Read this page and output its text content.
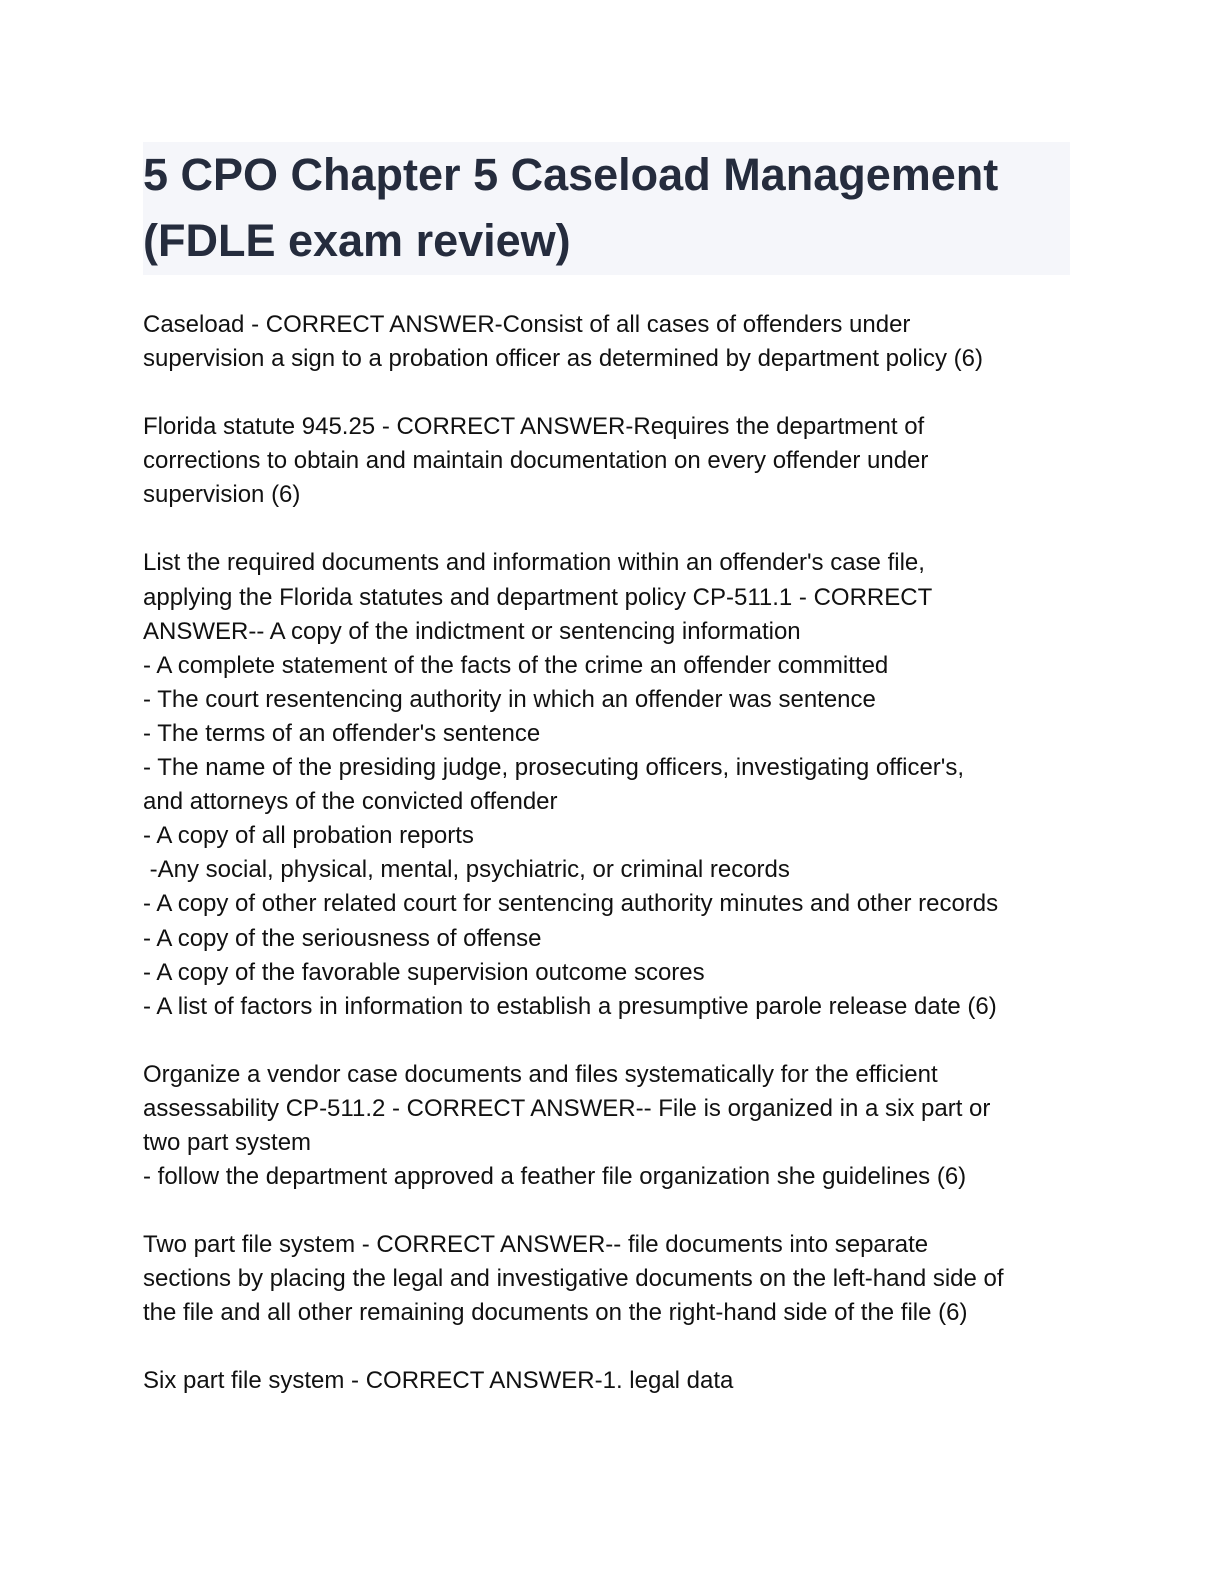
5 CPO Chapter 5 Caseload Management
(FDLE exam review)
Caseload - CORRECT ANSWER-Consist of all cases of offenders under
supervision a sign to a probation officer as determined by department policy (6)
Florida statute 945.25 - CORRECT ANSWER-Requires the department of
corrections to obtain and maintain documentation on every offender under
supervision (6)
List the required documents and information within an offender's case file,
applying the Florida statutes and department policy CP-511.1 - CORRECT
ANSWER-- A copy of the indictment or sentencing information
- A complete statement of the facts of the crime an offender committed
- The court resentencing authority in which an offender was sentence
- The terms of an offender's sentence
- The name of the presiding judge, prosecuting officers, investigating officer's,
and attorneys of the convicted offender
- A copy of all probation reports
-Any social, physical, mental, psychiatric, or criminal records
- A copy of other related court for sentencing authority minutes and other records
- A copy of the seriousness of offense
- A copy of the favorable supervision outcome scores
- A list of factors in information to establish a presumptive parole release date (6)
Organize a vendor case documents and files systematically for the efficient
assessability CP-511.2 - CORRECT ANSWER-- File is organized in a six part or
two part system
- follow the department approved a feather file organization she guidelines (6)
Two part file system - CORRECT ANSWER-- file documents into separate
sections by placing the legal and investigative documents on the left-hand side of
the file and all other remaining documents on the right-hand side of the file (6)
Six part file system - CORRECT ANSWER-1. legal data
